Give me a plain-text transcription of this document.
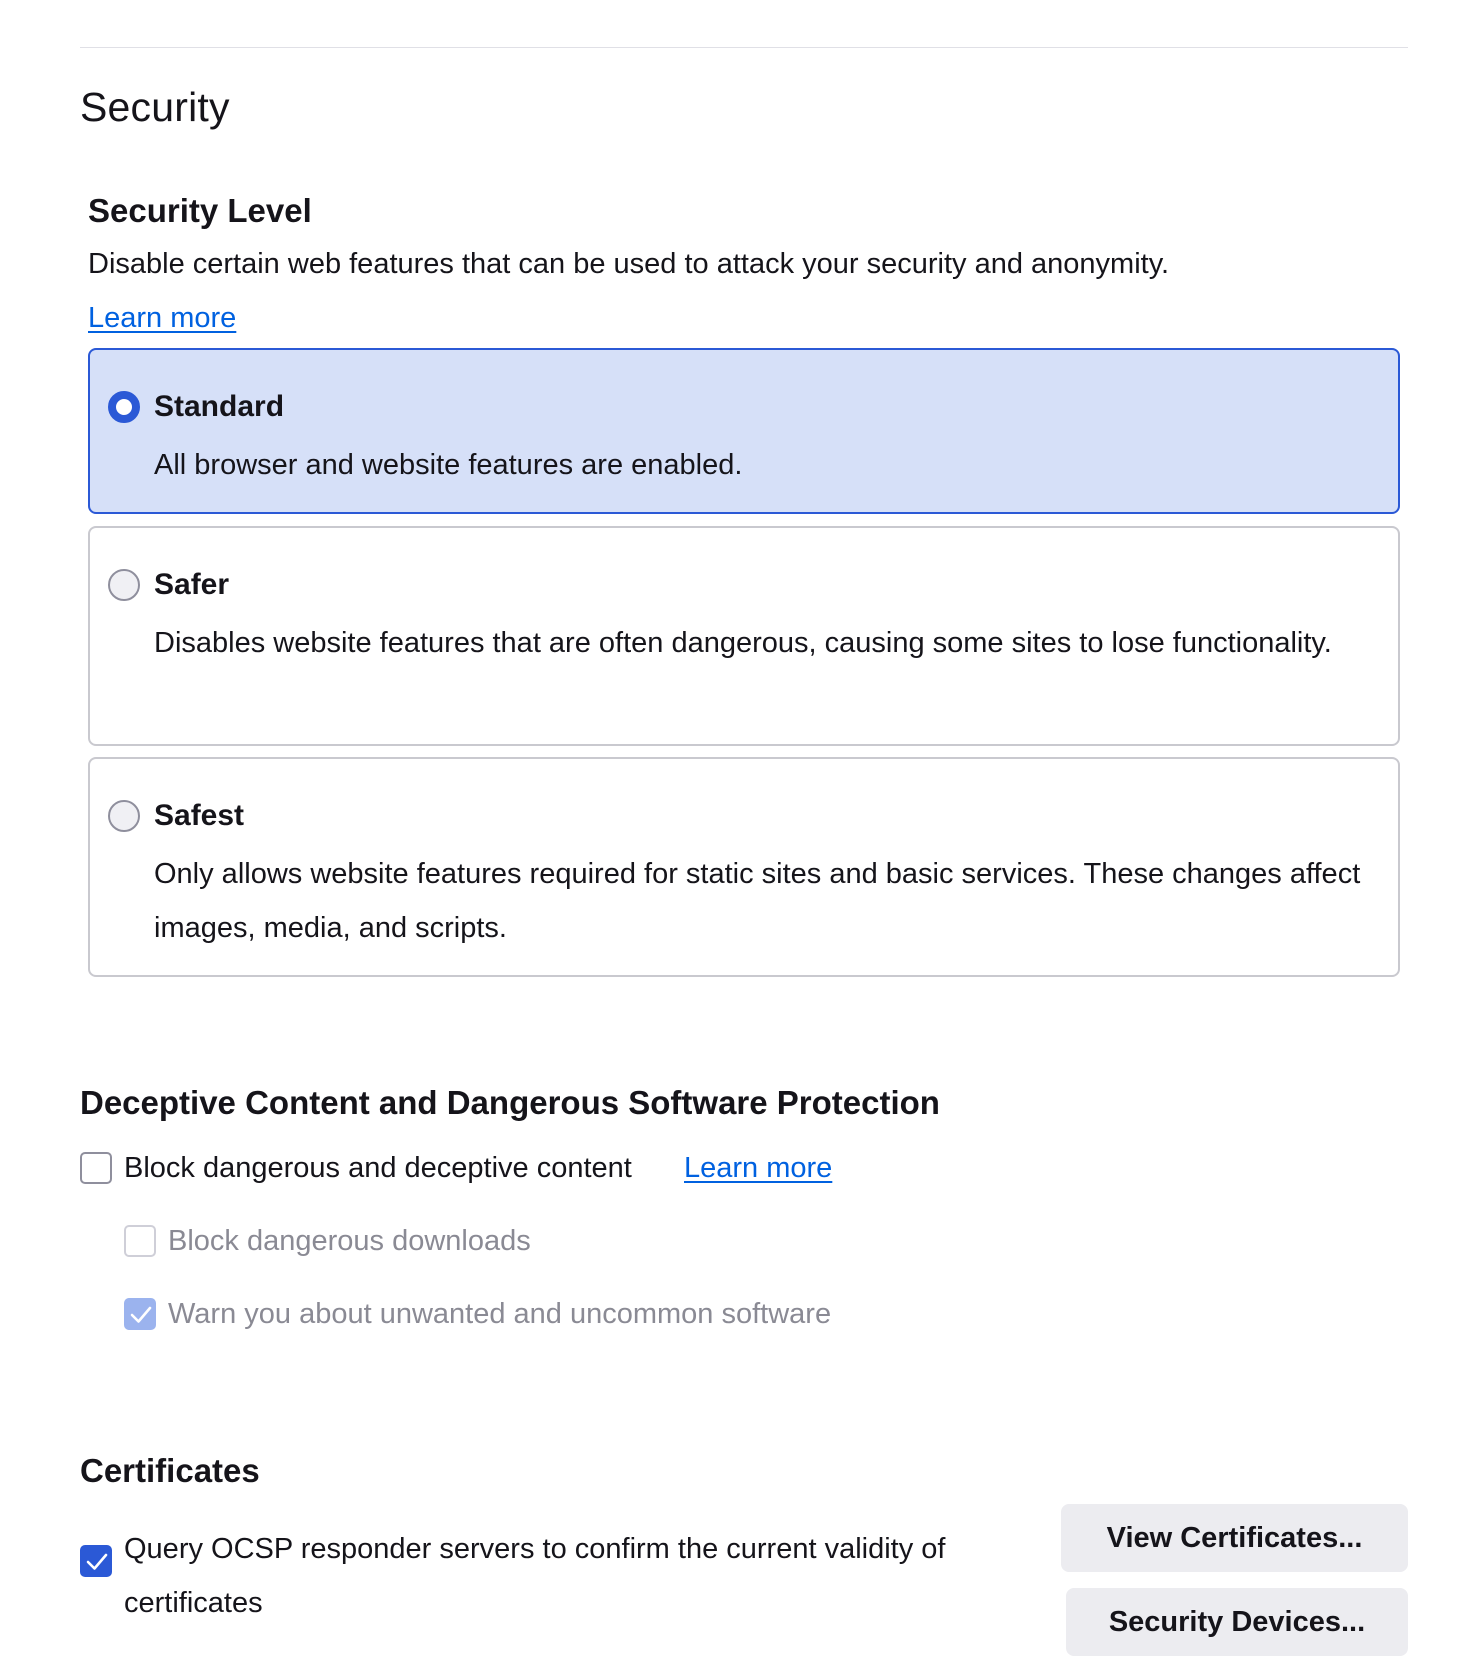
Security
Security Level

Disable certain web features that can be used to attack your security and anonymity.

Learn more
Standard

All browser and website features are enabled.

Safer

Disables website features that are often dangerous, causing some sites to lose functionality.

Safest

Only allows website features required for static sites and basic services. These changes affect images, media, and scripts.

Deceptive Content and Dangerous Software Protection
Block dangerous and deceptive content Learn more
Block dangerous downloads
Warn you about unwanted and uncommon software
Certificates

Query OCSP responder servers to confirm the current validity of certificates

View Certificates...
Security Devices...
